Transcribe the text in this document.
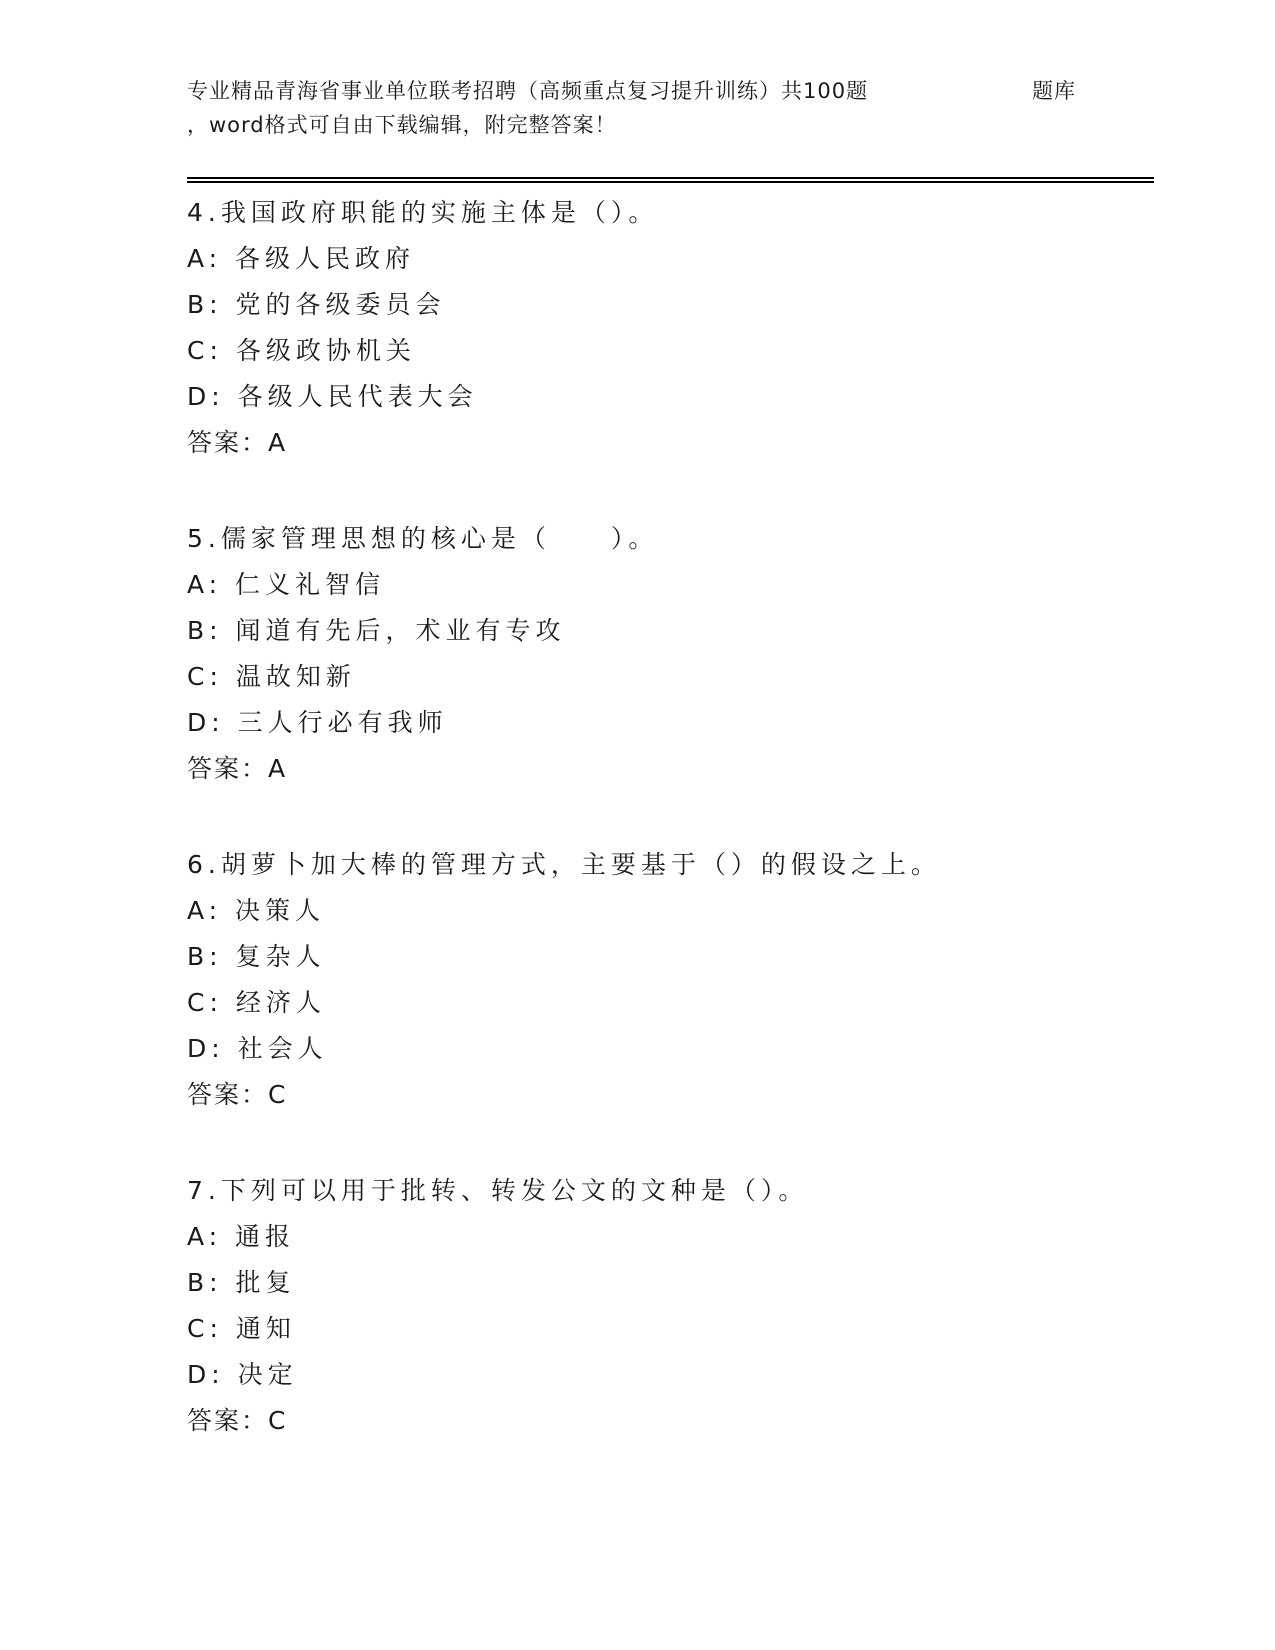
专业精品青海省事业单位联考招聘（高频重点复习提升训练）共100题	题库
，word格式可自由下载编辑，附完整答案！
4.我国政府职能的实施主体是（）。
A: 各级人民政府
B: 党的各级委员会
C: 各级政协机关
D: 各级人民代表大会
答案：A
5.儒家管理思想的核心是（　　）。
A: 仁义礼智信
B: 闻道有先后，术业有专攻
C: 温故知新
D: 三人行必有我师
答案：A
6.胡萝卜加大棒的管理方式，主要基于（）的假设之上。
A: 决策人
B: 复杂人
C: 经济人
D: 社会人
答案：C
7.下列可以用于批转、转发公文的文种是（）。
A: 通报
B: 批复
C: 通知
D: 决定
答案：C
